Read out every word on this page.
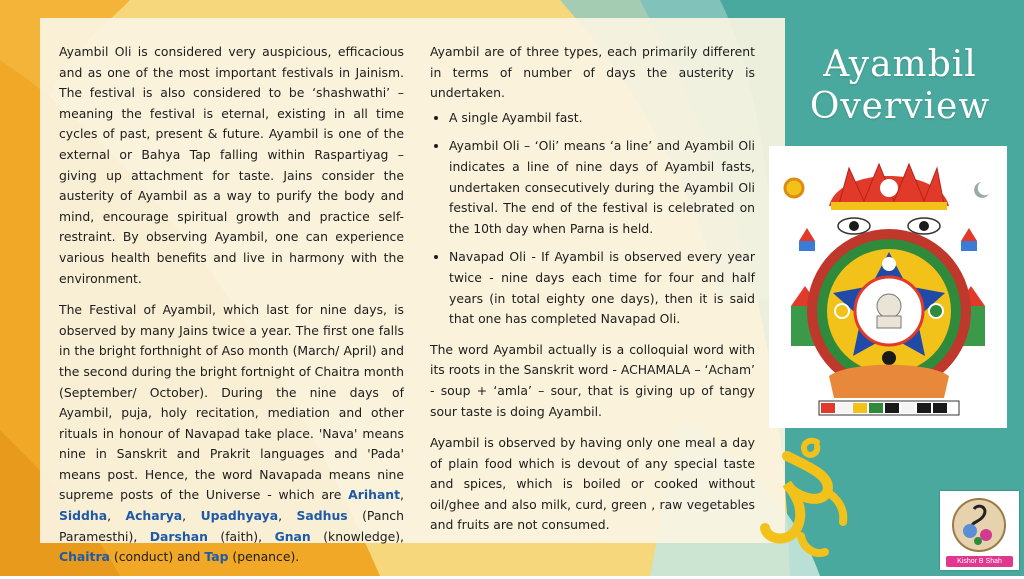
Ayambil Oli is considered very auspicious, efficacious and as one of the most important festivals in Jainism. The festival is also considered to be ‘shashwathi’ – meaning the festival is eternal, existing in all time cycles of past, present & future. Ayambil is one of the external or Bahya Tap falling within Raspartiyag – giving up attachment for taste. Jains consider the austerity of Ayambil as a way to purify the body and mind, encourage spiritual growth and practice self-restraint. By observing Ayambil, one can experience various health benefits and live in harmony with the environment.

The Festival of Ayambil, which last for nine days, is observed by many Jains twice a year. The first one falls in the bright forthnight of Aso month (March/ April) and the second during the bright fortnight of Chaitra month (September/ October). During the nine days of Ayambil, puja, holy recitation, mediation and other rituals in honour of Navapad take place. 'Nava' means nine in Sanskrit and Prakrit languages and 'Pada' means post. Hence, the word Navapada means nine supreme posts of the Universe - which are Arihant, Siddha, Acharya, Upadhyaya, Sadhus (Panch Paramesthi), Darshan (faith), Gnan (knowledge), Chaitra (conduct) and Tap (penance).

Ayambil are of three types, each primarily different in terms of number of days the austerity is undertaken.

• A single Ayambil fast.
• Ayambil Oli – ‘Oli’ means ‘a line’ and Ayambil Oli indicates a line of nine days of Ayambil fasts, undertaken consecutively during the Ayambil Oli festival. The end of the festival is celebrated on the 10th day when Parna is held.
• Navapad Oli - If Ayambil is observed every year twice - nine days each time for four and half years (in total eighty one days), then it is said that one has completed Navapad Oli.

The word Ayambil actually is a colloquial word with its roots in the Sanskrit word - ACHAMALA – ‘Acham’ - soup + ‘amla’ – sour, that is giving up of tangy sour taste is doing Ayambil.

Ayambil is observed by having only one meal a day of plain food which is devout of any special taste and spices, which is boiled or cooked without oil/ghee and also milk, curd, green , raw vegetables and fruits are not consumed.

Ayambil
Overview
Kishor B Shah
